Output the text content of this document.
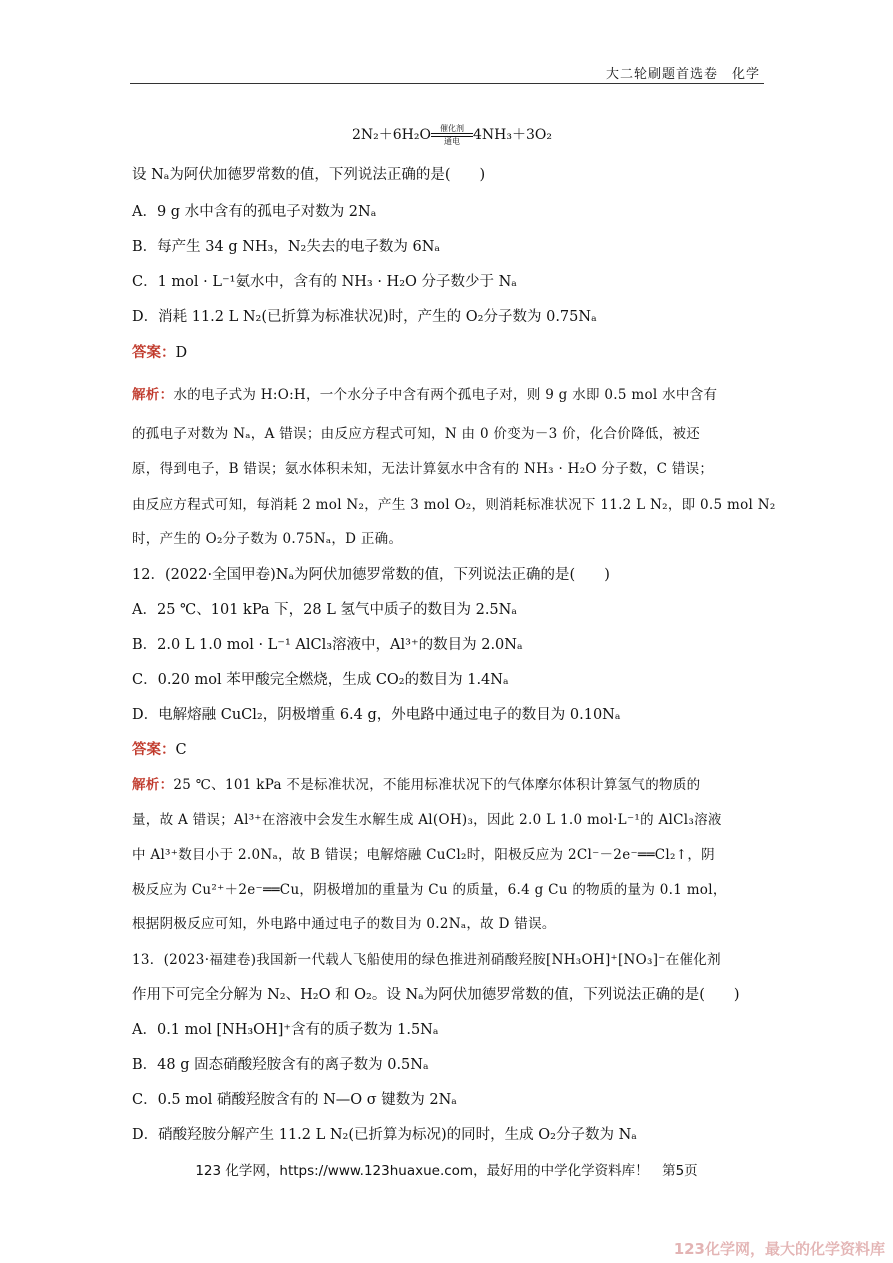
大二轮刷题首选卷　化学
2N₂＋6H₂O	催化剂
通电 4NH₃＋3O₂
设 Nₐ为阿伏加德罗常数的值，下列说法正确的是(　　)
A．9 g 水中含有的孤电子对数为 2Nₐ
B．每产生 34 g NH₃，N₂失去的电子数为 6Nₐ
C．1 mol · L⁻¹氨水中，含有的 NH₃ · H₂O 分子数少于 Nₐ
D．消耗 11.2 L N₂(已折算为标准状况)时，产生的 O₂分子数为 0.75Nₐ
答案：D
解析：水的电子式为 H:O:H，一个水分子中含有两个孤电子对，则 9 g 水即 0.5 mol 水中含有
的孤电子对数为 Nₐ，A 错误；由反应方程式可知，N 由 0 价变为－3 价，化合价降低，被还
原，得到电子，B 错误；氨水体积未知，无法计算氨水中含有的 NH₃ · H₂O 分子数，C 错误；
由反应方程式可知，每消耗 2 mol N₂，产生 3 mol O₂，则消耗标准状况下 11.2 L N₂，即 0.5 mol N₂
时，产生的 O₂分子数为 0.75Nₐ，D 正确。
12．(2022·全国甲卷)Nₐ为阿伏加德罗常数的值，下列说法正确的是(　　)
A．25 ℃、101 kPa 下，28 L 氢气中质子的数目为 2.5Nₐ
B．2.0 L 1.0 mol · L⁻¹ AlCl₃溶液中，Al³⁺的数目为 2.0Nₐ
C．0.20 mol 苯甲酸完全燃烧，生成 CO₂的数目为 1.4Nₐ
D．电解熔融 CuCl₂，阴极增重 6.4 g，外电路中通过电子的数目为 0.10Nₐ
答案：C
解析：25 ℃、101 kPa 不是标准状况，不能用标准状况下的气体摩尔体积计算氢气的物质的
量，故 A 错误；Al³⁺在溶液中会发生水解生成 Al(OH)₃，因此 2.0 L 1.0 mol·L⁻¹的 AlCl₃溶液
中 Al³⁺数目小于 2.0Nₐ，故 B 错误；电解熔融 CuCl₂时，阳极反应为 2Cl⁻－2e⁻══Cl₂↑，阴
极反应为 Cu²⁺＋2e⁻══Cu，阴极增加的重量为 Cu 的质量，6.4 g Cu 的物质的量为 0.1 mol，
根据阴极反应可知，外电路中通过电子的数目为 0.2Nₐ，故 D 错误。
13．(2023·福建卷)我国新一代载人飞船使用的绿色推进剂硝酸羟胺[NH₃OH]⁺[NO₃]⁻在催化剂
作用下可完全分解为 N₂、H₂O 和 O₂。设 Nₐ为阿伏加德罗常数的值，下列说法正确的是(　　)
A．0.1 mol [NH₃OH]⁺含有的质子数为 1.5Nₐ
B．48 g 固态硝酸羟胺含有的离子数为 0.5Nₐ
C．0.5 mol 硝酸羟胺含有的 N—O σ 键数为 2Nₐ
D．硝酸羟胺分解产生 11.2 L N₂(已折算为标况)的同时，生成 O₂分子数为 Nₐ
123 化学网，https://www.123huaxue.com，最好用的中学化学资料库！　第5页
123化学网，最大的化学资料库
